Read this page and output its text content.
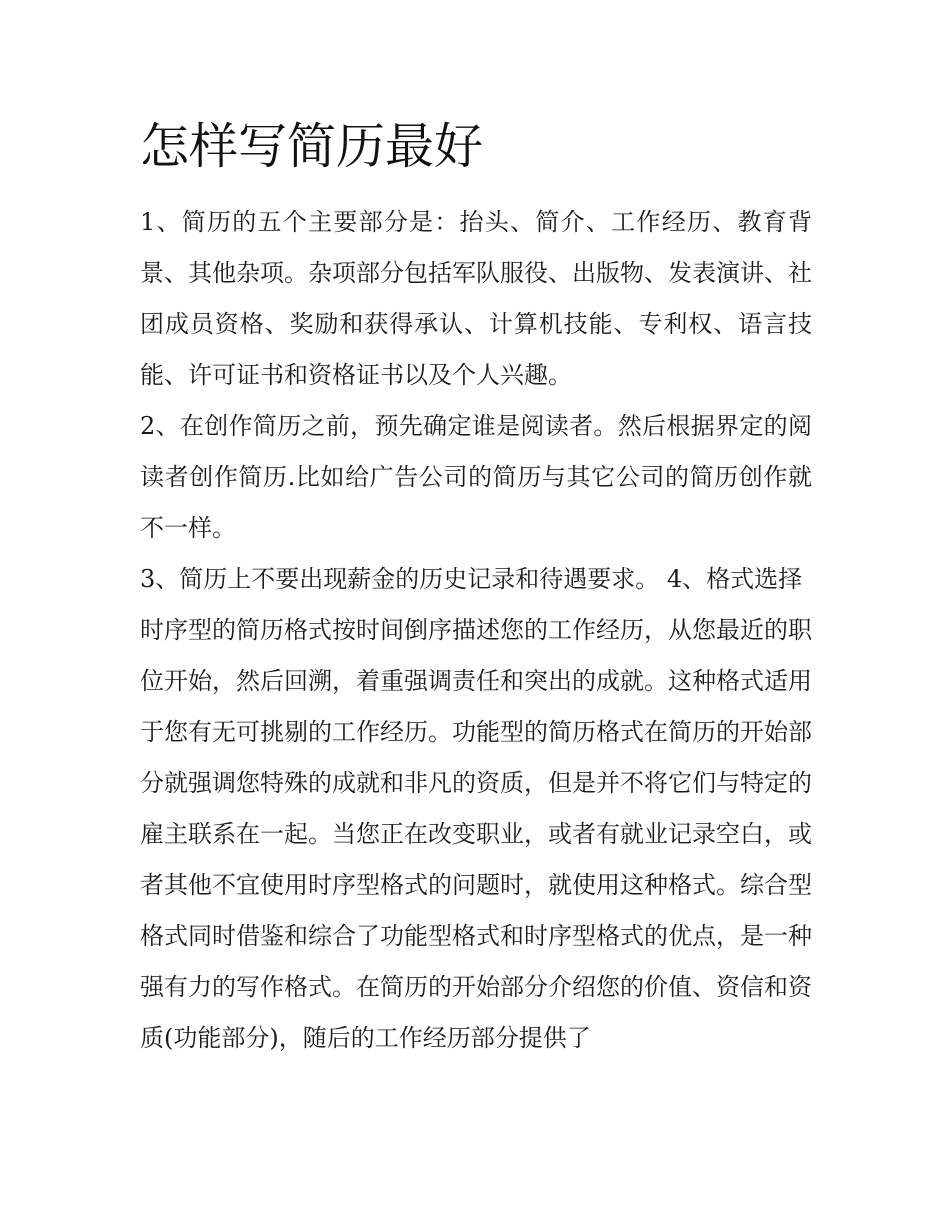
怎样写简历最好

1、简历的五个主要部分是：抬头、简介、工作经历、教育背景、其他杂项。杂项部分包括军队服役、出版物、发表演讲、社团成员资格、奖励和获得承认、计算机技能、专利权、语言技能、许可证书和资格证书以及个人兴趣。

2、在创作简历之前，预先确定谁是阅读者。然后根据界定的阅读者创作简历.比如给广告公司的简历与其它公司的简历创作就不一样。

3、简历上不要出现薪金的历史记录和待遇要求。 4、格式选择

时序型的简历格式按时间倒序描述您的工作经历，从您最近的职位开始，然后回溯，着重强调责任和突出的成就。这种格式适用于您有无可挑剔的工作经历。功能型的简历格式在简历的开始部分就强调您特殊的成就和非凡的资质，但是并不将它们与特定的雇主联系在一起。当您正在改变职业，或者有就业记录空白，或者其他不宜使用时序型格式的问题时，就使用这种格式。综合型格式同时借鉴和综合了功能型格式和时序型格式的优点，是一种强有力的写作格式。在简历的开始部分介绍您的价值、资信和资质(功能部分)，随后的工作经历部分提供了
